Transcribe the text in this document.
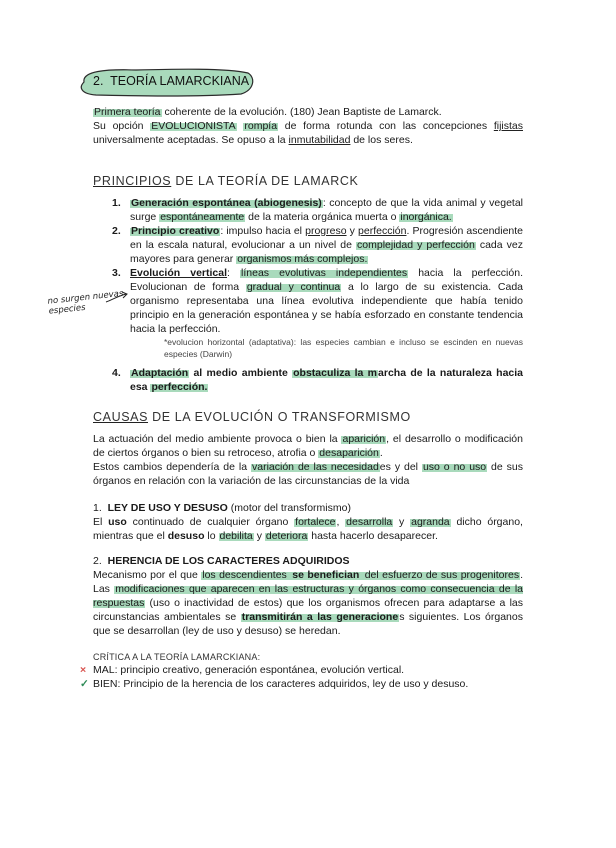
2. TEORÍA LAMARCKIANA
Primera teoría coherente de la evolución. (180) Jean Baptiste de Lamarck.
Su opción EVOLUCIONISTA rompía de forma rotunda con las concepciones fijistas universalmente aceptadas. Se opuso a la inmutabilidad de los seres.
PRINCIPIOS DE LA TEORÍA DE LAMARCK
1. Generación espontánea (abiogenesis): concepto de que la vida animal y vegetal surge espontáneamente de la materia orgánica muerta o inorgánica.
2. Principio creativo: impulso hacia el progreso y perfección. Progresión ascendiente en la escala natural, evolucionar a un nivel de complejidad y perfección cada vez mayores para generar organismos más complejos.
3. Evolución vertical: líneas evolutivas independientes hacia la perfección. Evolucionan de forma gradual y continua a lo largo de su existencia. Cada organismo representaba una línea evolutiva independiente que había tenido principio en la generación espontánea y se había esforzado en constante tendencia hacia la perfección.
*evolucion horizontal (adaptativa): las especies cambian e incluso se escinden en nuevas especies (Darwin)
4. Adaptación al medio ambiente obstaculiza la marcha de la naturaleza hacia esa perfección.
no surgen nuevas especies
CAUSAS DE LA EVOLUCIÓN O TRANSFORMISMO
La actuación del medio ambiente provoca o bien la aparición, el desarrollo o modificación de ciertos órganos o bien su retroceso, atrofia o desaparición.
Estos cambios dependería de la variación de las necesidades y del uso o no uso de sus órganos en relación con la variación de las circunstancias de la vida
1. LEY DE USO Y DESUSO (motor del transformismo)
El uso continuado de cualquier órgano fortalece, desarrolla y agranda dicho órgano, mientras que el desuso lo debilita y deteriora hasta hacerlo desaparecer.
2. HERENCIA DE LOS CARACTERES ADQUIRIDOS
Mecanismo por el que los descendientes se benefician del esfuerzo de sus progenitores. Las modificaciones que aparecen en las estructuras y órganos como consecuencia de la respuestas (uso o inactividad de estos) que los organismos ofrecen para adaptarse a las circunstancias ambientales se transmitirán a las generaciones siguientes. Los órganos que se desarrollan (ley de uso y desuso) se heredan.
CRÍTICA A LA TEORÍA LAMARCKIANA:
× MAL: principio creativo, generación espontánea, evolución vertical.
✓ BIEN: Principio de la herencia de los caracteres adquiridos, ley de uso y desuso.
